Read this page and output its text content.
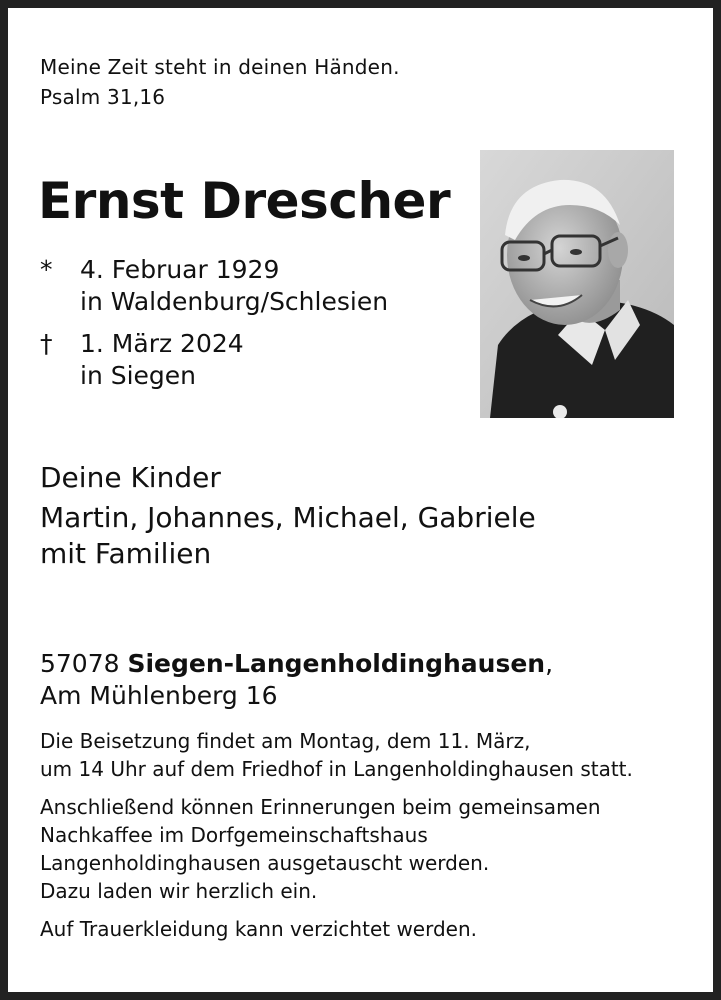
Meine Zeit steht in deinen Händen.
Psalm 31,16
Ernst Drescher
* 4. Februar 1929
in Waldenburg/Schlesien
† 1. März 2024
in Siegen
Deine Kinder
Martin, Johannes, Michael, Gabriele
mit Familien
57078 Siegen-Langenholdinghausen,
Am Mühlenberg 16

Die Beisetzung findet am Montag, dem 11. März,
um 14 Uhr auf dem Friedhof in Langenholdinghausen statt.

Anschließend können Erinnerungen beim gemeinsamen
Nachkaffee im Dorfgemeinschaftshaus
Langenholdinghausen ausgetauscht werden.
Dazu laden wir herzlich ein.

Auf Trauerkleidung kann verzichtet werden.
